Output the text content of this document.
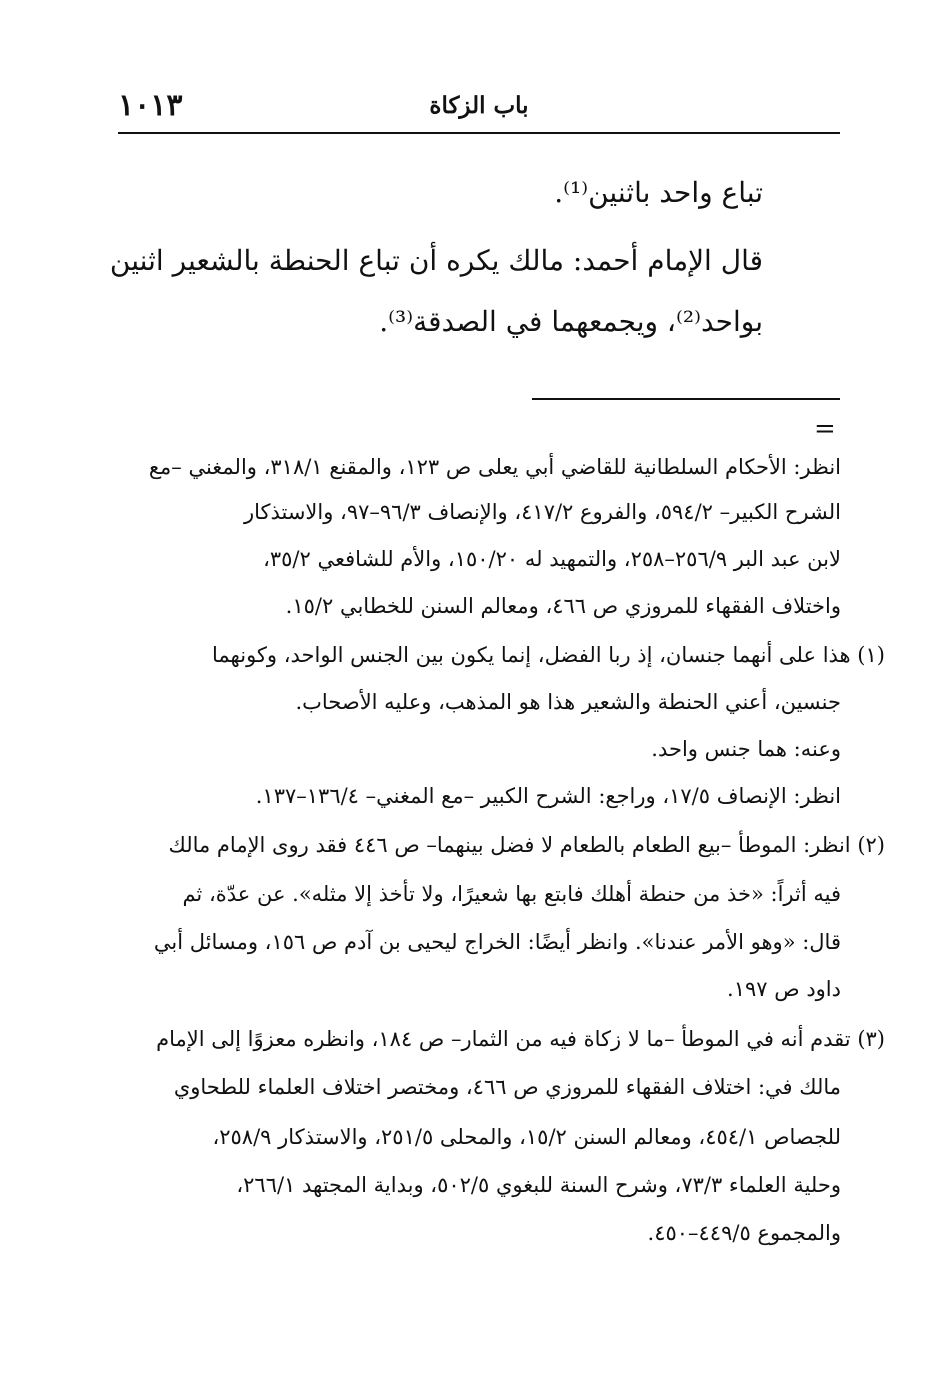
باب الزكاة
١٠١٣
تباع واحد باثنين⁽¹⁾.
قال الإمام أحمد: مالك يكره أن تباع الحنطة بالشعير اثنين
بواحد⁽²⁾، ويجمعهما في الصدقة⁽³⁾.
=
انظر: الأحكام السلطانية للقاضي أبي يعلى ص ١٢٣، والمقنع ٣١٨/١، والمغني –مع
الشرح الكبير– ٥٩٤/٢، والفروع ٤١٧/٢، والإنصاف ٩٦/٣–٩٧، والاستذكار
لابن عبد البر ٢٥٦/٩–٢٥٨، والتمهيد له ١٥٠/٢٠، والأم للشافعي ٣٥/٢،
واختلاف الفقهاء للمروزي ص ٤٦٦، ومعالم السنن للخطابي ١٥/٢.
(١) هذا على أنهما جنسان، إذ ربا الفضل، إنما يكون بين الجنس الواحد، وكونهما
جنسين، أعني الحنطة والشعير هذا هو المذهب، وعليه الأصحاب.
وعنه: هما جنس واحد.
انظر: الإنصاف ١٧/٥، وراجع: الشرح الكبير –مع المغني– ١٣٦/٤–١٣٧.
(٢) انظر: الموطأ –بيع الطعام بالطعام لا فضل بينهما– ص ٤٤٦ فقد روى الإمام مالك
فيه أثراً: «خذ من حنطة أهلك فابتع بها شعيرًا، ولا تأخذ إلا مثله». عن عدّة، ثم
قال: «وهو الأمر عندنا». وانظر أيضًا: الخراج ليحيى بن آدم ص ١٥٦، ومسائل أبي
داود ص ١٩٧.
(٣) تقدم أنه في الموطأ –ما لا زكاة فيه من الثمار– ص ١٨٤، وانظره معزوًا إلى الإمام
مالك في: اختلاف الفقهاء للمروزي ص ٤٦٦، ومختصر اختلاف العلماء للطحاوي
للجصاص ٤٥٤/١، ومعالم السنن ١٥/٢، والمحلى ٢٥١/٥، والاستذكار ٢٥٨/٩،
وحلية العلماء ٧٣/٣، وشرح السنة للبغوي ٥٠٢/٥، وبداية المجتهد ٢٦٦/١،
والمجموع ٤٤٩/٥–٤٥٠.
